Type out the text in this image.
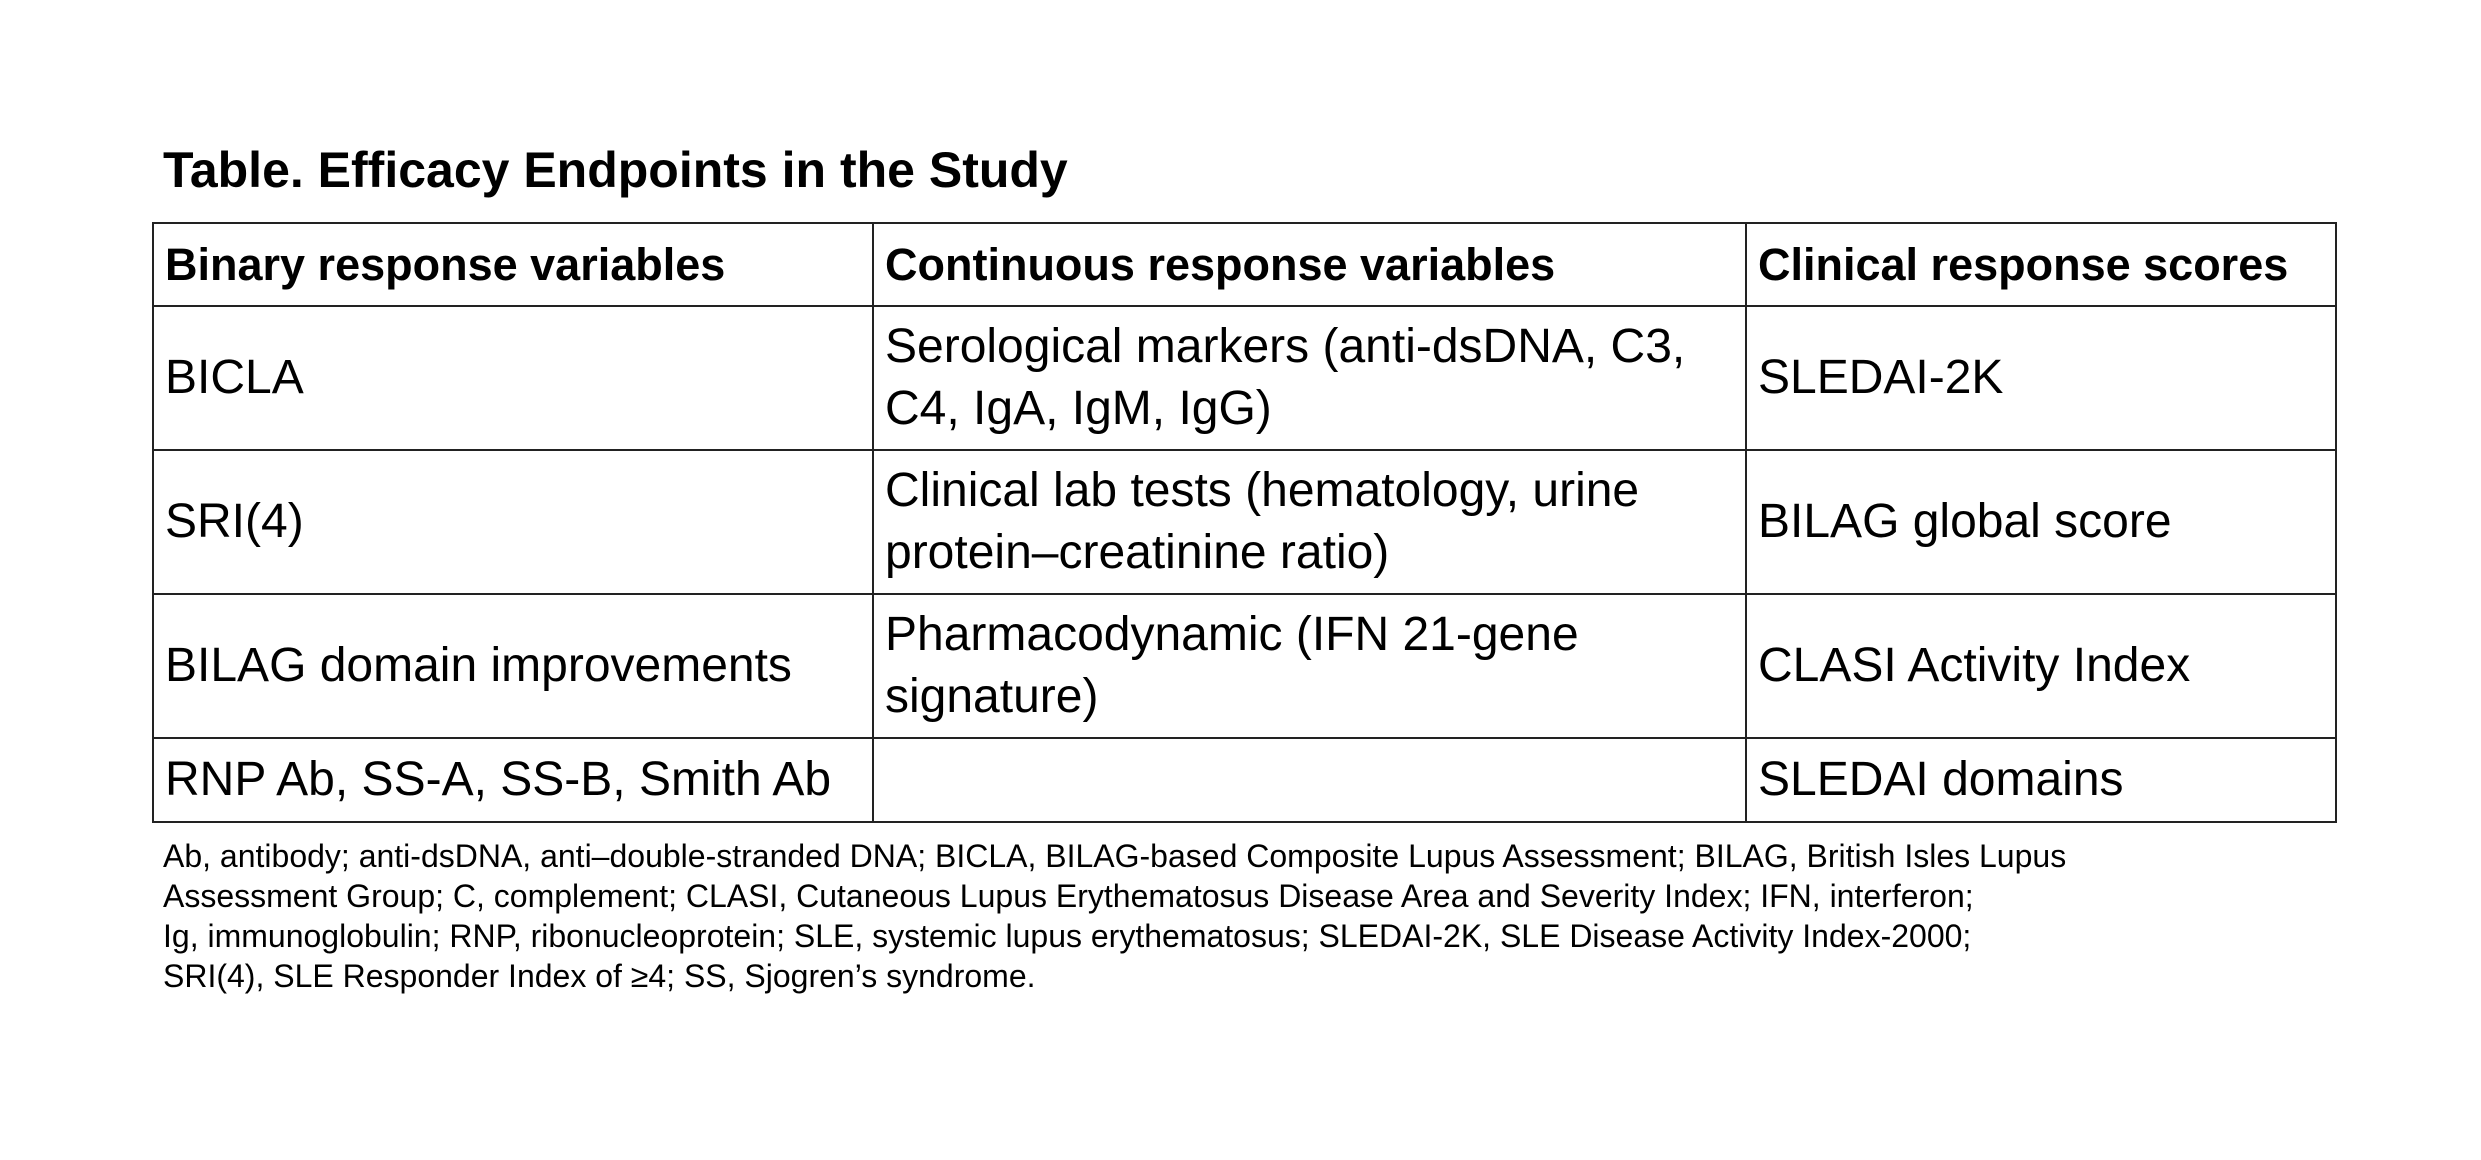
Table. Efficacy Endpoints in the Study
Binary response variables	Continuous response variables	Clinical response scores
BICLA	Serological markers (anti-dsDNA, C3, C4, IgA, IgM, IgG)	SLEDAI-2K
SRI(4)	Clinical lab tests (hematology, urine protein–creatinine ratio)	BILAG global score
BILAG domain improvements	Pharmacodynamic (IFN 21-gene signature)	CLASI Activity Index
RNP Ab, SS-A, SS-B, Smith Ab		SLEDAI domains
Ab, antibody; anti-dsDNA, anti–double-stranded DNA; BICLA, BILAG-based Composite Lupus Assessment; BILAG, British Isles Lupus
Assessment Group; C, complement; CLASI, Cutaneous Lupus Erythematosus Disease Area and Severity Index; IFN, interferon;
Ig, immunoglobulin; RNP, ribonucleoprotein; SLE, systemic lupus erythematosus; SLEDAI-2K, SLE Disease Activity Index-2000;
SRI(4), SLE Responder Index of ≥4; SS, Sjogren’s syndrome.
